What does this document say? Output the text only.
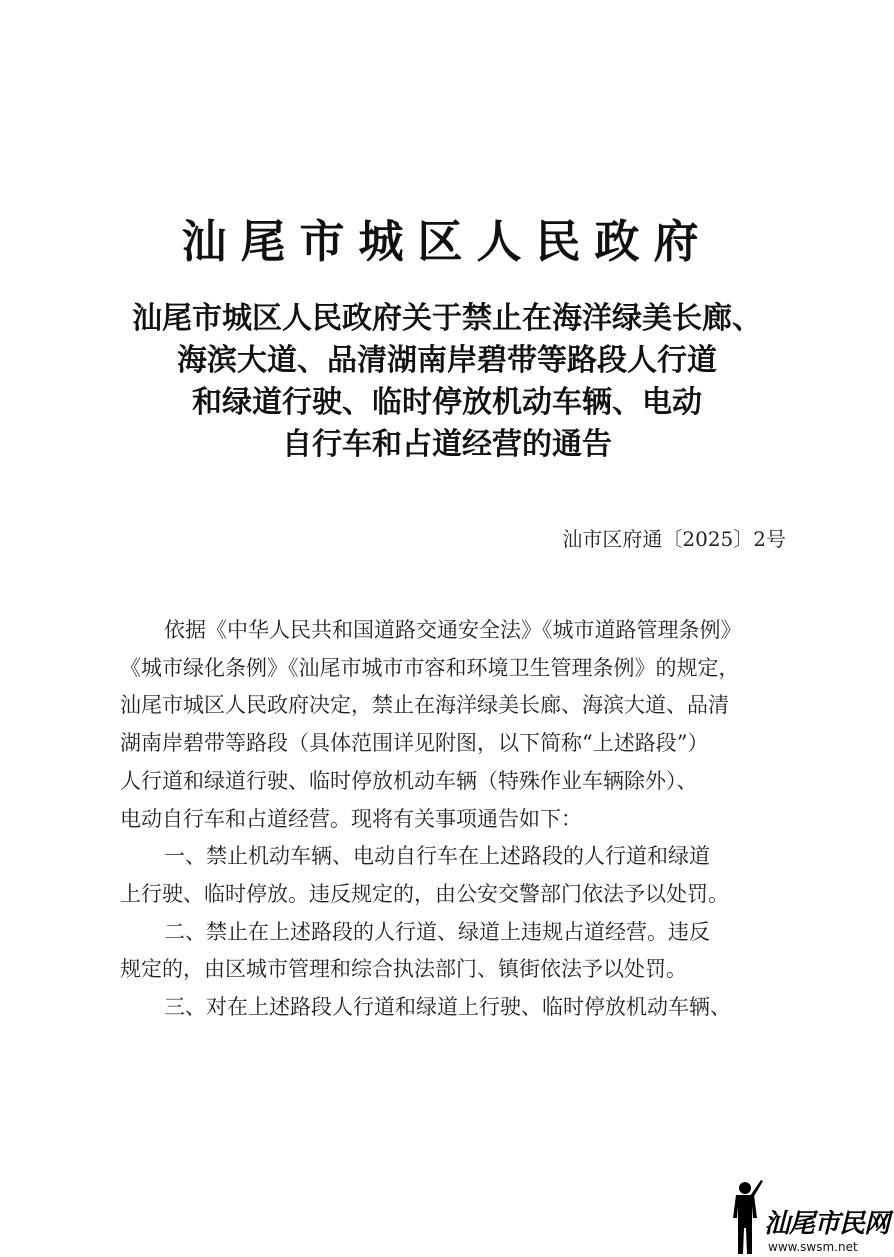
汕尾市城区人民政府
汕尾市城区人民政府关于禁止在海洋绿美长廊、
海滨大道、品清湖南岸碧带等路段人行道
和绿道行驶、临时停放机动车辆、电动
自行车和占道经营的通告
汕市区府通〔2025〕2号
依据《中华人民共和国道路交通安全法》《城市道路管理条例》
《城市绿化条例》《汕尾市城市市容和环境卫生管理条例》的规定，
汕尾市城区人民政府决定，禁止在海洋绿美长廊、海滨大道、品清
湖南岸碧带等路段（具体范围详见附图，以下简称“上述路段”）
人行道和绿道行驶、临时停放机动车辆（特殊作业车辆除外）、
电动自行车和占道经营。现将有关事项通告如下：
一、禁止机动车辆、电动自行车在上述路段的人行道和绿道
上行驶、临时停放。违反规定的，由公安交警部门依法予以处罚。
二、禁止在上述路段的人行道、绿道上违规占道经营。违反
规定的，由区城市管理和综合执法部门、镇街依法予以处罚。
三、对在上述路段人行道和绿道上行驶、临时停放机动车辆、
汕尾市民网
www.swsm.net
